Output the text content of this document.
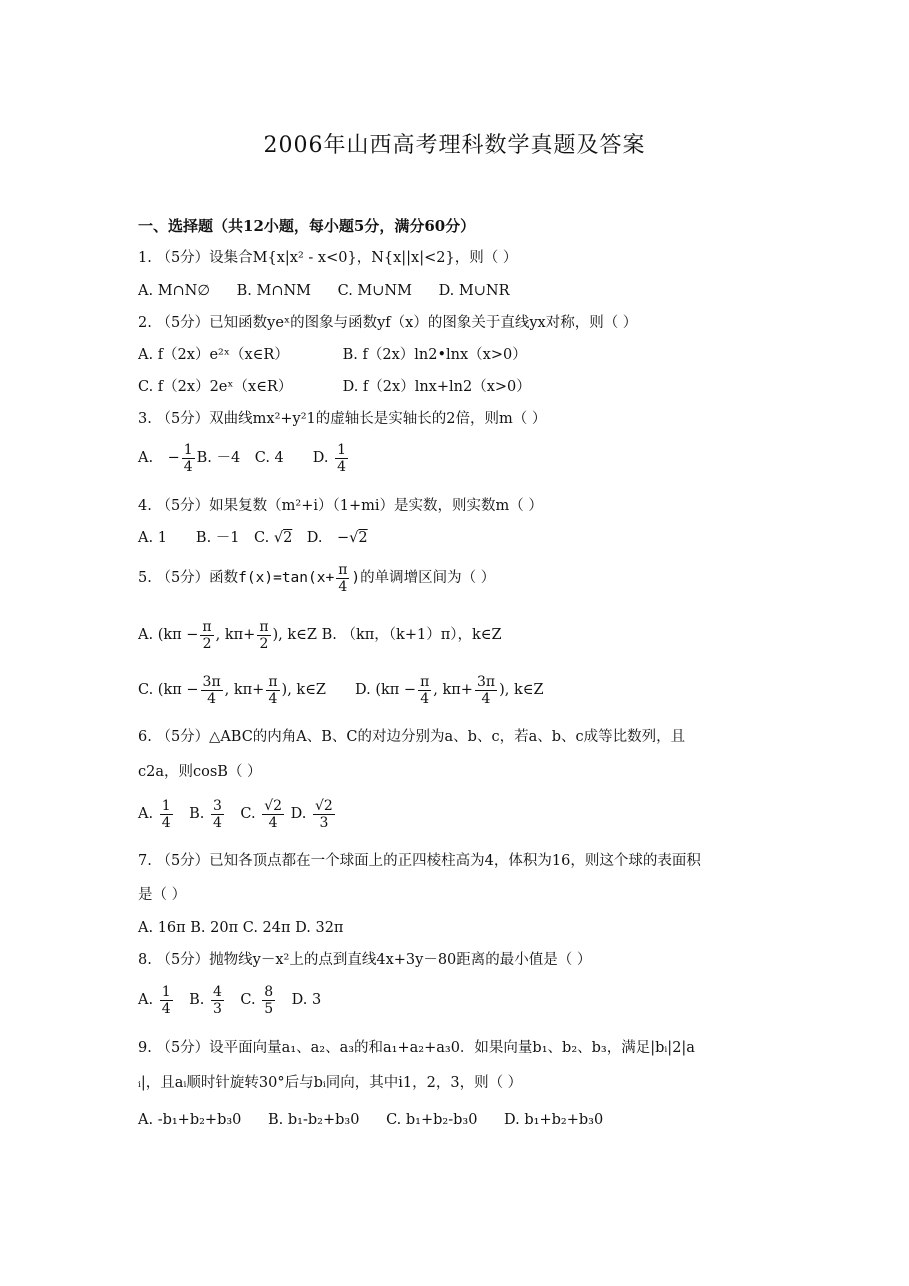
2006年山西高考理科数学真题及答案
一、选择题（共12小题，每小题5分，满分60分）
1. （5分）设集合M{x|x² - x<0}，N{x||x|<2}，则（ ）
A. M∩N∅ B. M∩NM C. M∪NM D. M∪NR
2. （5分）已知函数yeˣ的图象与函数yf（x）的图象关于直线yx对称，则（ ）
A. f（2x）e²ˣ（x∈R）	B. f（2x）ln2•lnx（x>0）
C. f（2x）2eˣ（x∈R）	D. f（2x）lnx+ln2（x>0）
3. （5分）双曲线mx²+y²1的虚轴长是实轴长的2倍，则m（ ）
A.　− $\frac{1}{4} B$. －4　C. 4　　D. $\frac{1}{4}$
4. （5分）如果复数（m²+i）（1+mi）是实数，则实数m（ ）
A. 1　　B. －1　C. √2　D.　−√2
5. （5分）函数$f(x)=\tan(x+ \frac{\pi}{4}$ )的单调增区间为（ ）
A. ($k\pi - \frac{\pi}{2}$ , $k\pi+ \frac{\pi}{2}$ ), k∈Z B. （kπ，（k+1）π），k∈Z
C. ($k\pi - \frac{3\pi}{4}$ , $k\pi+ \frac{\pi}{4}$ ), k∈Z　　D. ($k\pi - \frac{\pi}{4}$ , $k\pi+ \frac{3\pi}{4}$ ), k∈Z
6. （5分）△ABC的内角A、B、C的对边分别为a、b、c，若a、b、c成等比数列，且
c2a，则cosB（ ）
A. $\frac{1}{4}$ 　B. $\frac{3}{4}$ 　C. $\frac{√2}{4} D$. $\frac{√2}{3}$
7. （5分）已知各顶点都在一个球面上的正四棱柱高为4，体积为16，则这个球的表面积
是（ ）
A. 16π B. 20π C. 24π D. 32π
8. （5分）抛物线y－x²上的点到直线4x+3y－80距离的最小值是（ ）
A. $\frac{1}{4}$ 　B. $\frac{4}{3}$ 　C. $\frac{8}{5}$ 　D. 3
9. （5分）设平面向量a₁、a₂、a₃的和a₁+a₂+a₃0．如果向量b₁、b₂、b₃，满足|bᵢ|2|a
ᵢ|，且aᵢ顺时针旋转30°后与bᵢ同向，其中i1，2，3，则（ ）
A. -b₁+b₂+b₃0 B. b₁-b₂+b₃0 C. b₁+b₂-b₃0 D. b₁+b₂+b₃0
